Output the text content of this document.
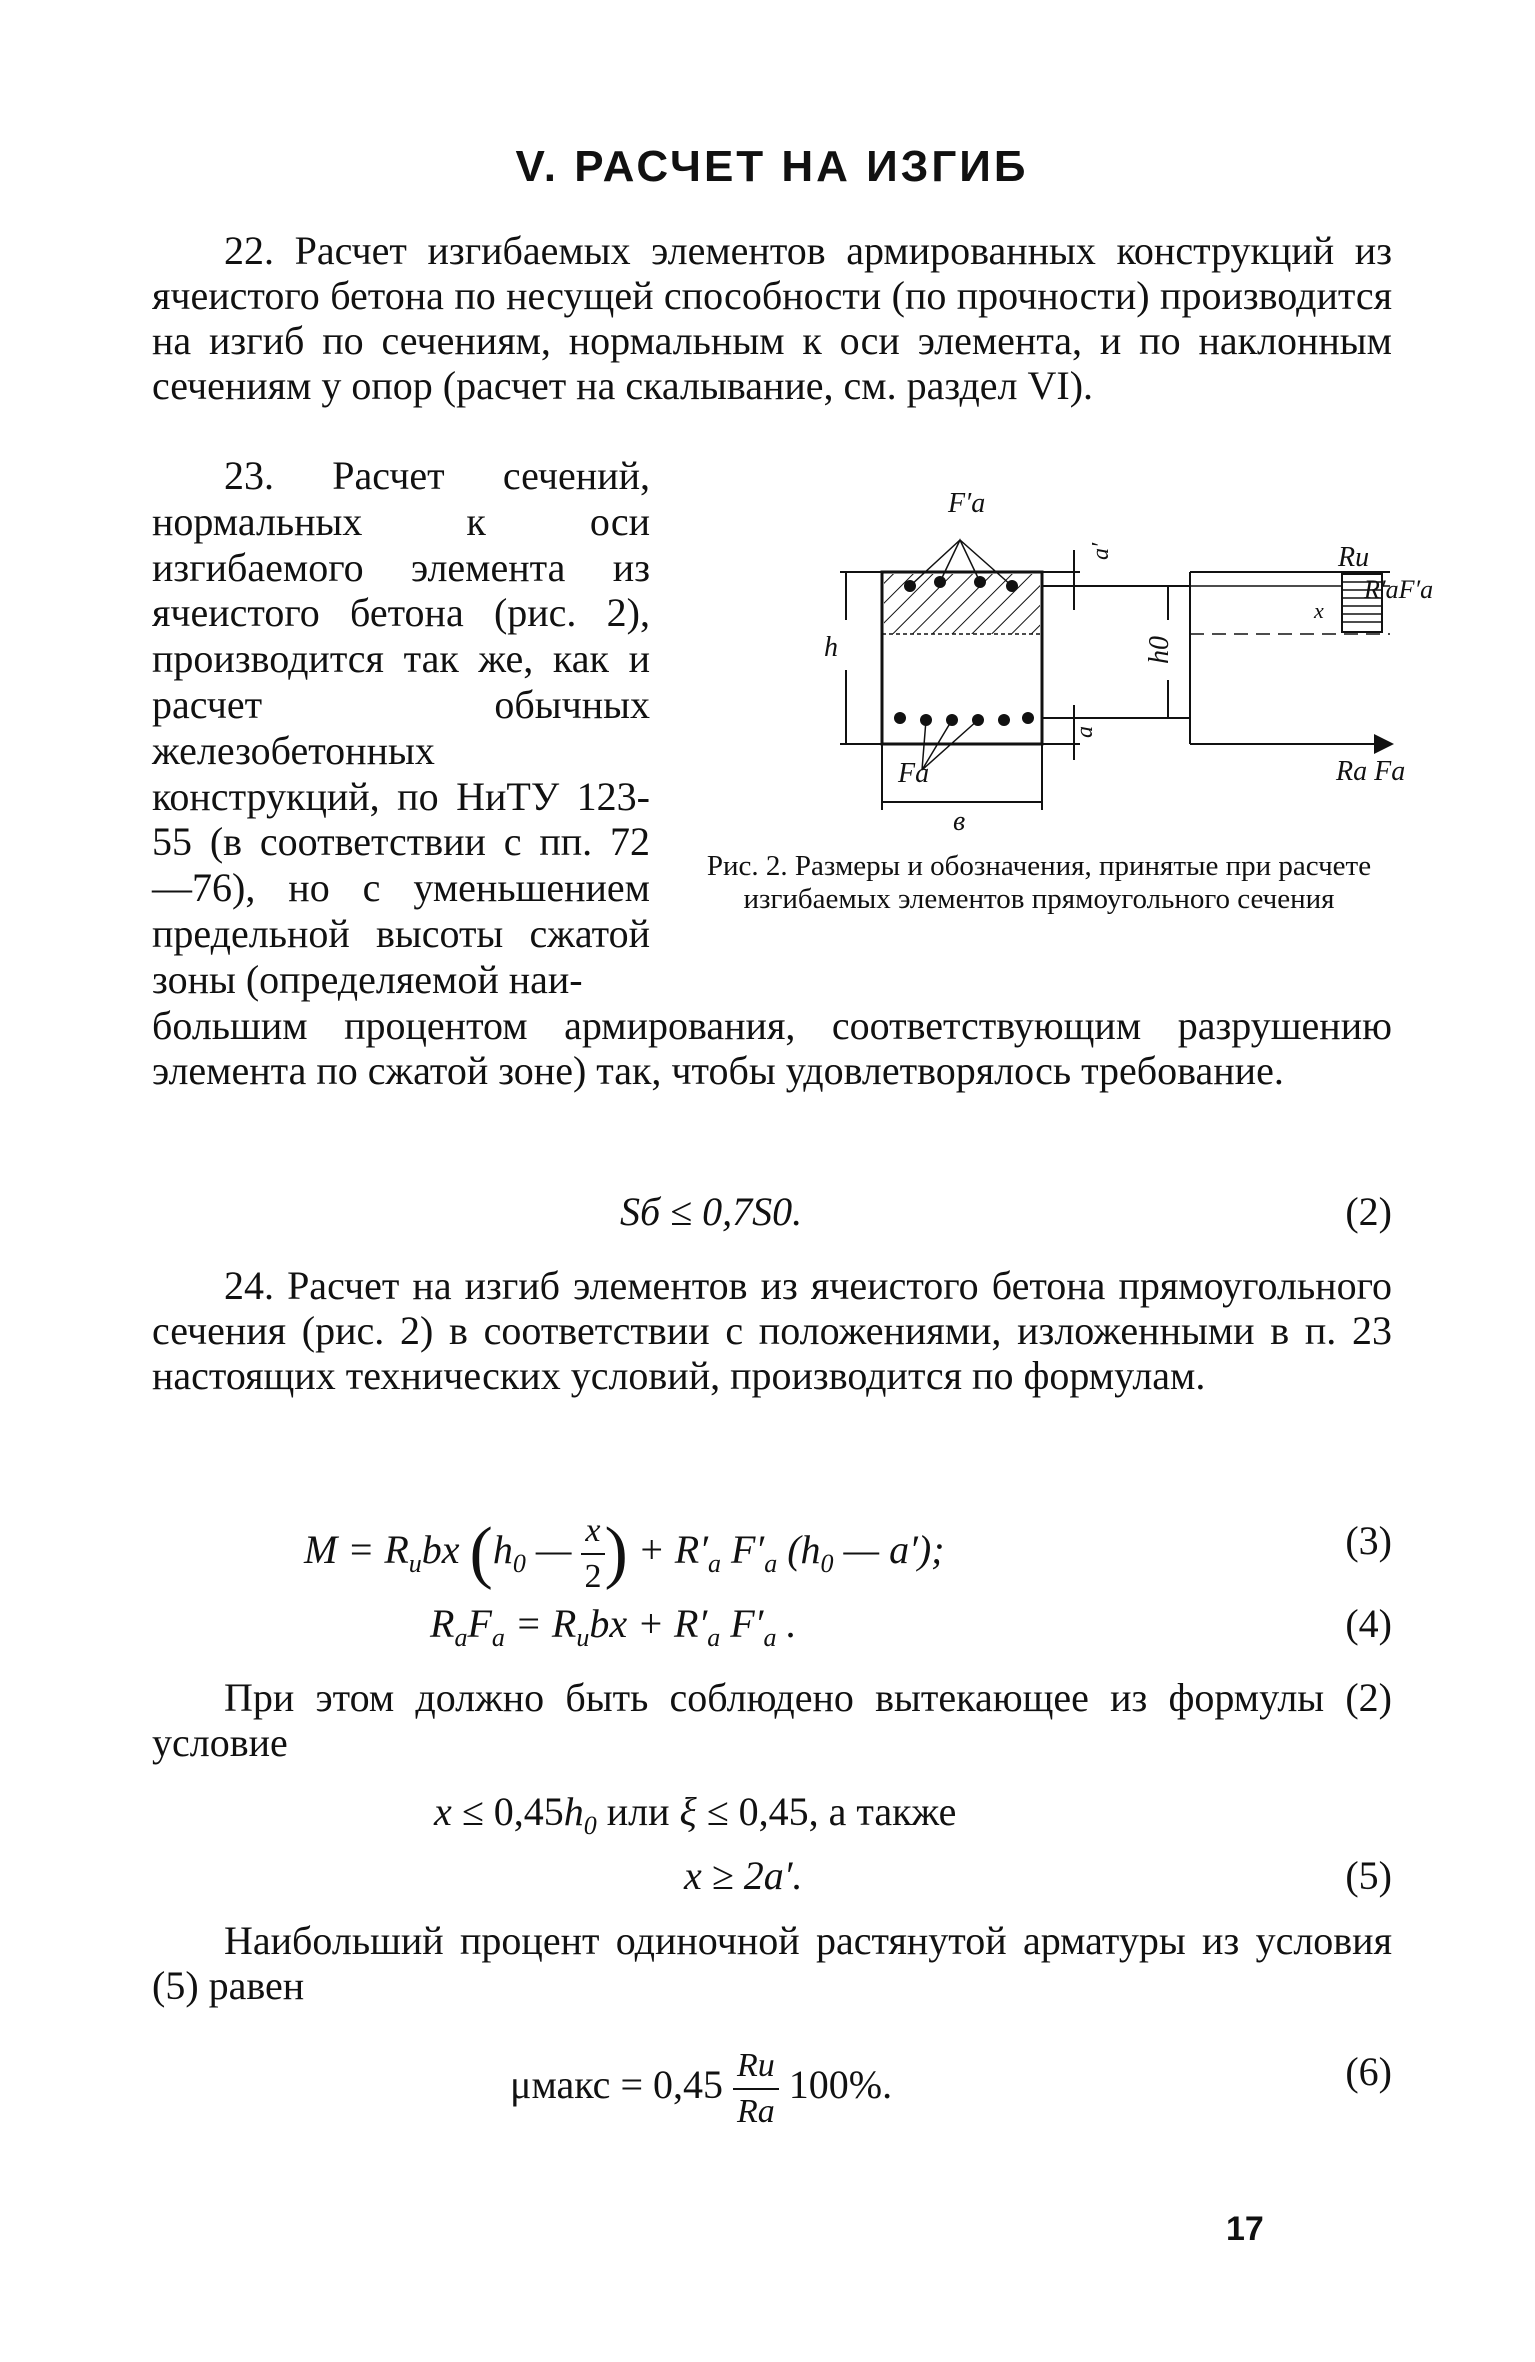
V. РАСЧЕТ НА ИЗГИБ

22. Расчет изгибаемых элементов армированных конструкций из ячеистого бетона по несущей способности (по прочности) производится на изгиб по сечениям, нормальным к оси элемента, и по наклонным сечениям у опор (расчет на скалывание, см. раздел VI).

23. Расчет сечений, нормальных к оси изгибаемого элемента из ячеистого бетона (рис. 2), производится так же, как и расчет обычных железобетонных конструкций, по НиТУ 123-55 (в соответствии с пп. 72—76), но с уменьшением предельной высоты сжатой зоны (определяемой наи-

F′a
a′
h	h0
a
Fa
в
Ru
R′aF′a
x
Ra Fa
Рис. 2. Размеры и обозначения, принятые при расчете изгибаемых элементов прямоугольного сечения

большим процентом армирования, соответствующим разрушению элемента по сжатой зоне) так, чтобы удовлетворялось требование.

Sб ≤ 0,7S0.	(2)

24. Расчет на изгиб элементов из ячеистого бетона прямоугольного сечения (рис. 2) в соответствии с положениями, изложенными в п. 23 настоящих технических условий, производится по формулам.

$M = R_иbx$ ($h_0$ — $\frac{x}{2}$ ) + $R'_а$ $F'_а$ ($h_0$ — a′);	(3)
$R_аF_а = R_иbx + R'_а$ $F'_а$ .	(4)

При этом должно быть соблюдено вытекающее из формулы (2) условие

$x \le 0,45h_0$ или ξ ≤ 0,45, а также
x ≥ 2a′.	(5)

Наибольший процент одиночной растянутой арматуры из условия (5) равен

μмакс = $0,45 \frac{Rи}{Rа} 100\%$.	(6)
17
